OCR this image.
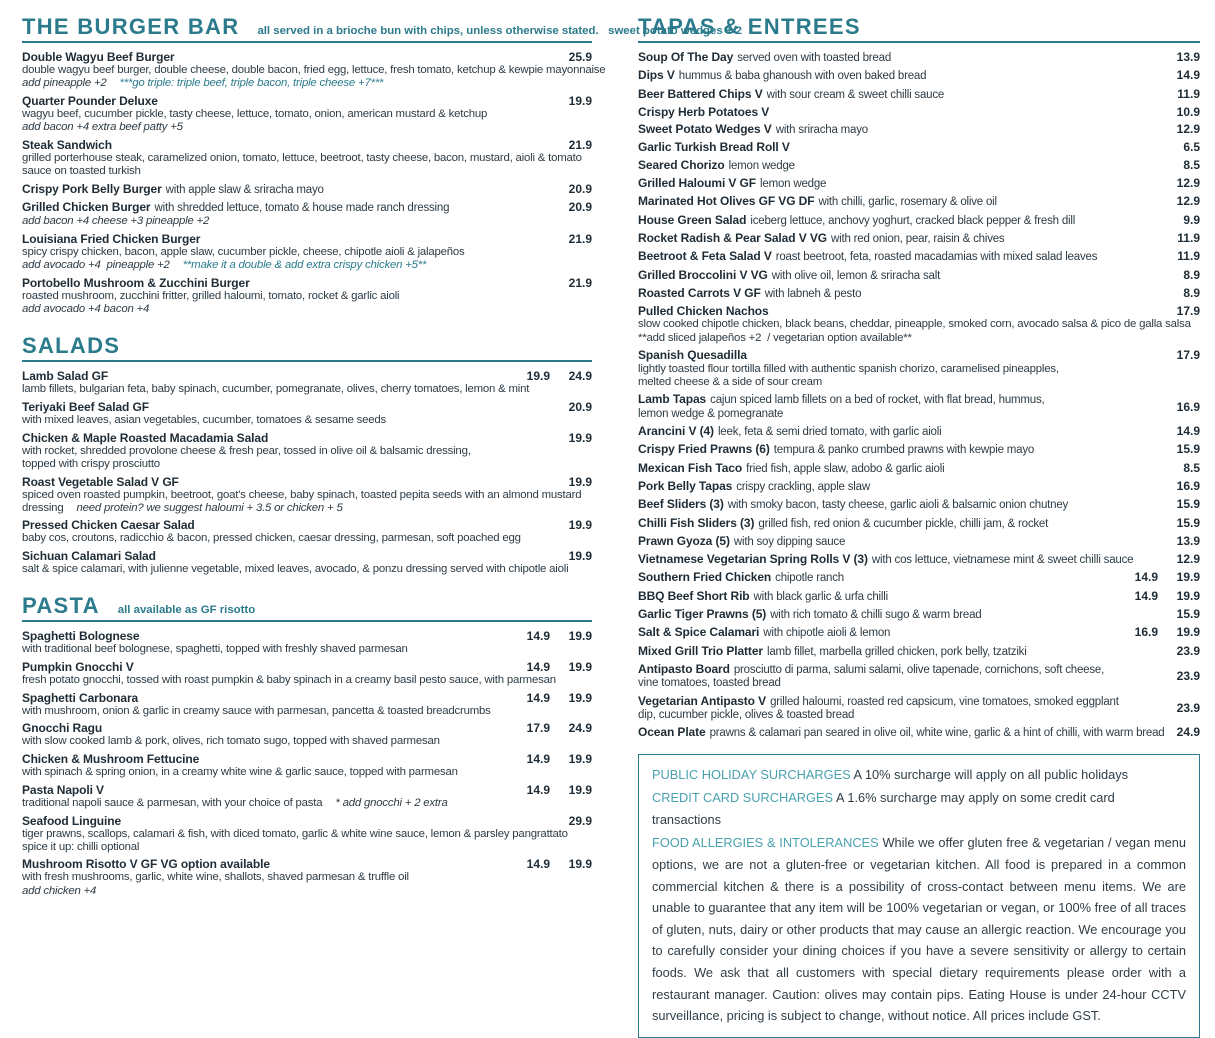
THE BURGER BAR all served in a brioche bun with chips, unless otherwise stated.   sweet potato wedges + 2
Double Wagyu Beef Burger	25.9
double wagyu beef burger, double cheese, double bacon, fried egg, lettuce, fresh tomato, ketchup & kewpie mayonnaise
add pineapple +2 ***go triple: triple beef, triple bacon, triple cheese +7***
Quarter Pounder Deluxe	19.9
wagyu beef, cucumber pickle, tasty cheese, lettuce, tomato, onion, american mustard & ketchup
add bacon +4 extra beef patty +5
Steak Sandwich	21.9
grilled porterhouse steak, caramelized onion, tomato, lettuce, beetroot, tasty cheese, bacon, mustard, aioli & tomato
sauce on toasted turkish
Crispy Pork Belly Burger with apple slaw & sriracha mayo	20.9
Grilled Chicken Burger with shredded lettuce, tomato & house made ranch dressing	20.9
add bacon +4 cheese +3 pineapple +2
Louisiana Fried Chicken Burger	21.9
spicy crispy chicken, bacon, apple slaw, cucumber pickle, cheese, chipotle aioli & jalapeños
add avocado +4  pineapple +2 **make it a double & add extra crispy chicken +5**
Portobello Mushroom & Zucchini Burger	21.9
roasted mushroom, zucchini fritter, grilled haloumi, tomato, rocket & garlic aioli
add avocado +4 bacon +4
SALADS
Lamb Salad GF	19.9	24.9
lamb fillets, bulgarian feta, baby spinach, cucumber, pomegranate, olives, cherry tomatoes, lemon & mint
Teriyaki Beef Salad GF	20.9
with mixed leaves, asian vegetables, cucumber, tomatoes & sesame seeds
Chicken & Maple Roasted Macadamia Salad	19.9
with rocket, shredded provolone cheese & fresh pear, tossed in olive oil & balsamic dressing,
topped with crispy prosciutto
Roast Vegetable Salad V GF	19.9
spiced oven roasted pumpkin, beetroot, goat's cheese, baby spinach, toasted pepita seeds with an almond mustard
dressing need protein? we suggest haloumi + 3.5 or chicken + 5
Pressed Chicken Caesar Salad	19.9
baby cos, croutons, radicchio & bacon, pressed chicken, caesar dressing, parmesan, soft poached egg
Sichuan Calamari Salad	19.9
salt & spice calamari, with julienne vegetable, mixed leaves, avocado, & ponzu dressing served with chipotle aioli
PASTA all available as GF risotto
Spaghetti Bolognese	14.9	19.9
with traditional beef bolognese, spaghetti, topped with freshly shaved parmesan
Pumpkin Gnocchi V	14.9	19.9
fresh potato gnocchi, tossed with roast pumpkin & baby spinach in a creamy basil pesto sauce, with parmesan
Spaghetti Carbonara	14.9	19.9
with mushroom, onion & garlic in creamy sauce with parmesan, pancetta & toasted breadcrumbs
Gnocchi Ragu	17.9	24.9
with slow cooked lamb & pork, olives, rich tomato sugo, topped with shaved parmesan
Chicken & Mushroom Fettucine	14.9	19.9
with spinach & spring onion, in a creamy white wine & garlic sauce, topped with parmesan
Pasta Napoli V	14.9	19.9
traditional napoli sauce & parmesan, with your choice of pasta * add gnocchi + 2 extra
Seafood Linguine	29.9
tiger prawns, scallops, calamari & fish, with diced tomato, garlic & white wine sauce, lemon & parsley pangrattato
spice it up: chilli optional
Mushroom Risotto V GF VG option available	14.9	19.9
with fresh mushrooms, garlic, white wine, shallots, shaved parmesan & truffle oil
add chicken +4
TAPAS & ENTREES
Soup Of The Day served oven with toasted bread	13.9
Dips V hummus & baba ghanoush with oven baked bread	14.9
Beer Battered Chips V with sour cream & sweet chilli sauce	11.9
Crispy Herb Potatoes V	10.9
Sweet Potato Wedges V with sriracha mayo	12.9
Garlic Turkish Bread Roll V	6.5
Seared Chorizo lemon wedge	8.5
Grilled Haloumi V GF lemon wedge	12.9
Marinated Hot Olives GF VG DF with chilli, garlic, rosemary & olive oil	12.9
House Green Salad iceberg lettuce, anchovy yoghurt, cracked black pepper & fresh dill	9.9
Rocket Radish & Pear Salad V VG with red onion, pear, raisin & chives	11.9
Beetroot & Feta Salad V roast beetroot, feta, roasted macadamias with mixed salad leaves	11.9
Grilled Broccolini V VG with olive oil, lemon & sriracha salt	8.9
Roasted Carrots V GF with labneh & pesto	8.9
Pulled Chicken Nachos	17.9
slow cooked chipotle chicken, black beans, cheddar, pineapple, smoked corn, avocado salsa & pico de galla salsa
**add sliced jalapeños +2  / vegetarian option available**
Spanish Quesadilla	17.9
lightly toasted flour tortilla filled with authentic spanish chorizo, caramelised pineapples,
melted cheese & a side of sour cream
Lamb Tapas cajun spiced lamb fillets on a bed of rocket, with flat bread, hummus,
lemon wedge & pomegranate	16.9
Arancini V (4) leek, feta & semi dried tomato, with garlic aioli	14.9
Crispy Fried Prawns (6) tempura & panko crumbed prawns with kewpie mayo	15.9
Mexican Fish Taco fried fish, apple slaw, adobo & garlic aioli	8.5
Pork Belly Tapas crispy crackling, apple slaw	16.9
Beef Sliders (3) with smoky bacon, tasty cheese, garlic aioli & balsamic onion chutney	15.9
Chilli Fish Sliders (3) grilled fish, red onion & cucumber pickle, chilli jam, & rocket	15.9
Prawn Gyoza (5) with soy dipping sauce	13.9
Vietnamese Vegetarian Spring Rolls V (3) with cos lettuce, vietnamese mint & sweet chilli sauce	12.9
Southern Fried Chicken chipotle ranch	14.9	19.9
BBQ Beef Short Rib with black garlic & urfa chilli	14.9	19.9
Garlic Tiger Prawns (5) with rich tomato & chilli sugo & warm bread	15.9
Salt & Spice Calamari with chipotle aioli & lemon	16.9	19.9
Mixed Grill Trio Platter lamb fillet, marbella grilled chicken, pork belly, tzatziki	23.9
Antipasto Board prosciutto di parma, salumi salami, olive tapenade, cornichons, soft cheese,
vine tomatoes, toasted bread	23.9
Vegetarian Antipasto V grilled haloumi, roasted red capsicum, vine tomatoes, smoked eggplant
dip, cucumber pickle, olives & toasted bread	23.9
Ocean Plate prawns & calamari pan seared in olive oil, white wine, garlic & a hint of chilli, with warm bread	24.9

PUBLIC HOLIDAY SURCHARGES A 10% surcharge will apply on all public holidays

CREDIT CARD SURCHARGES A 1.6% surcharge may apply on some credit card transactions

FOOD ALLERGIES & INTOLERANCES While we offer gluten free & vegetarian / vegan menu options, we are not a gluten-free or vegetarian kitchen. All food is prepared in a common commercial kitchen & there is a possibility of cross-contact between menu items. We are unable to guarantee that any item will be 100% vegetarian or vegan, or 100% free of all traces of gluten, nuts, dairy or other products that may cause an allergic reaction. We encourage you to carefully consider your dining choices if you have a severe sensitivity or allergy to certain foods. We ask that all customers with special dietary requirements please order with a restaurant manager. Caution: olives may contain pips. Eating House is under 24-hour CCTV surveillance, pricing is subject to change, without notice. All prices include GST.
